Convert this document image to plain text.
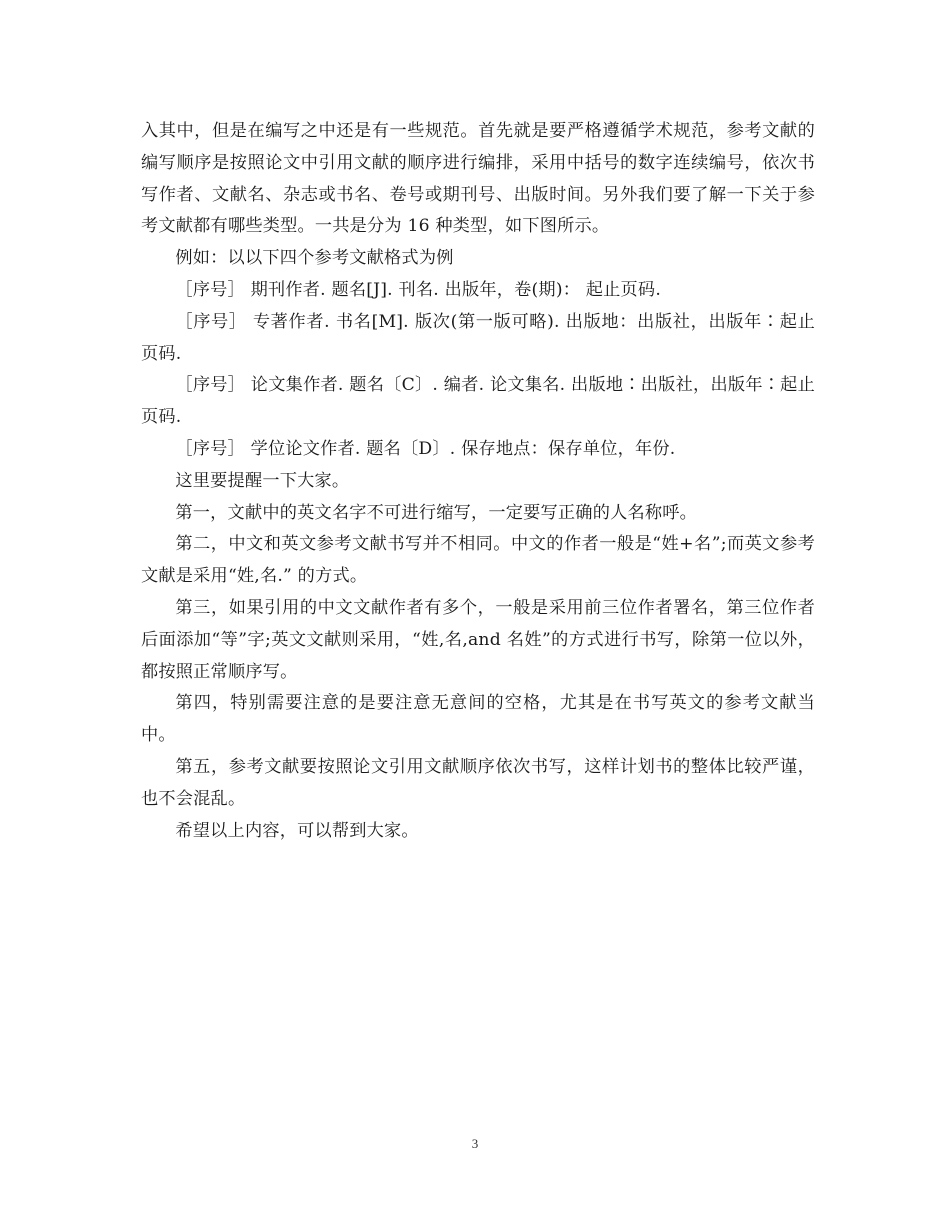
入其中，但是在编写之中还是有一些规范。首先就是要严格遵循学术规范，参考文献的编写顺序是按照论文中引用文献的顺序进行编排，采用中括号的数字连续编号，依次书写作者、文献名、杂志或书名、卷号或期刊号、出版时间。另外我们要了解一下关于参考文献都有哪些类型。一共是分为 16 种类型，如下图所示。

例如：以以下四个参考文献格式为例

［序号］ 期刊作者. 题名[J]. 刊名. 出版年，卷(期)： 起止页码.

［序号］ 专著作者. 书名[M]. 版次(第一版可略). 出版地：出版社，出版年∶起止页码.

［序号］ 论文集作者. 题名〔C〕. 编者. 论文集名. 出版地∶出版社，出版年∶起止页码.

［序号］ 学位论文作者. 题名〔D〕. 保存地点：保存单位，年份.

这里要提醒一下大家。

第一，文献中的英文名字不可进行缩写，一定要写正确的人名称呼。

第二，中文和英文参考文献书写并不相同。中文的作者一般是“姓+名”;而英文参考文献是采用“姓,名.” 的方式。

第三，如果引用的中文文献作者有多个，一般是采用前三位作者署名，第三位作者后面添加“等”字;英文文献则采用，“姓,名,and 名姓”的方式进行书写，除第一位以外，都按照正常顺序写。

第四，特别需要注意的是要注意无意间的空格，尤其是在书写英文的参考文献当中。

第五，参考文献要按照论文引用文献顺序依次书写，这样计划书的整体比较严谨，也不会混乱。

希望以上内容，可以帮到大家。

3
